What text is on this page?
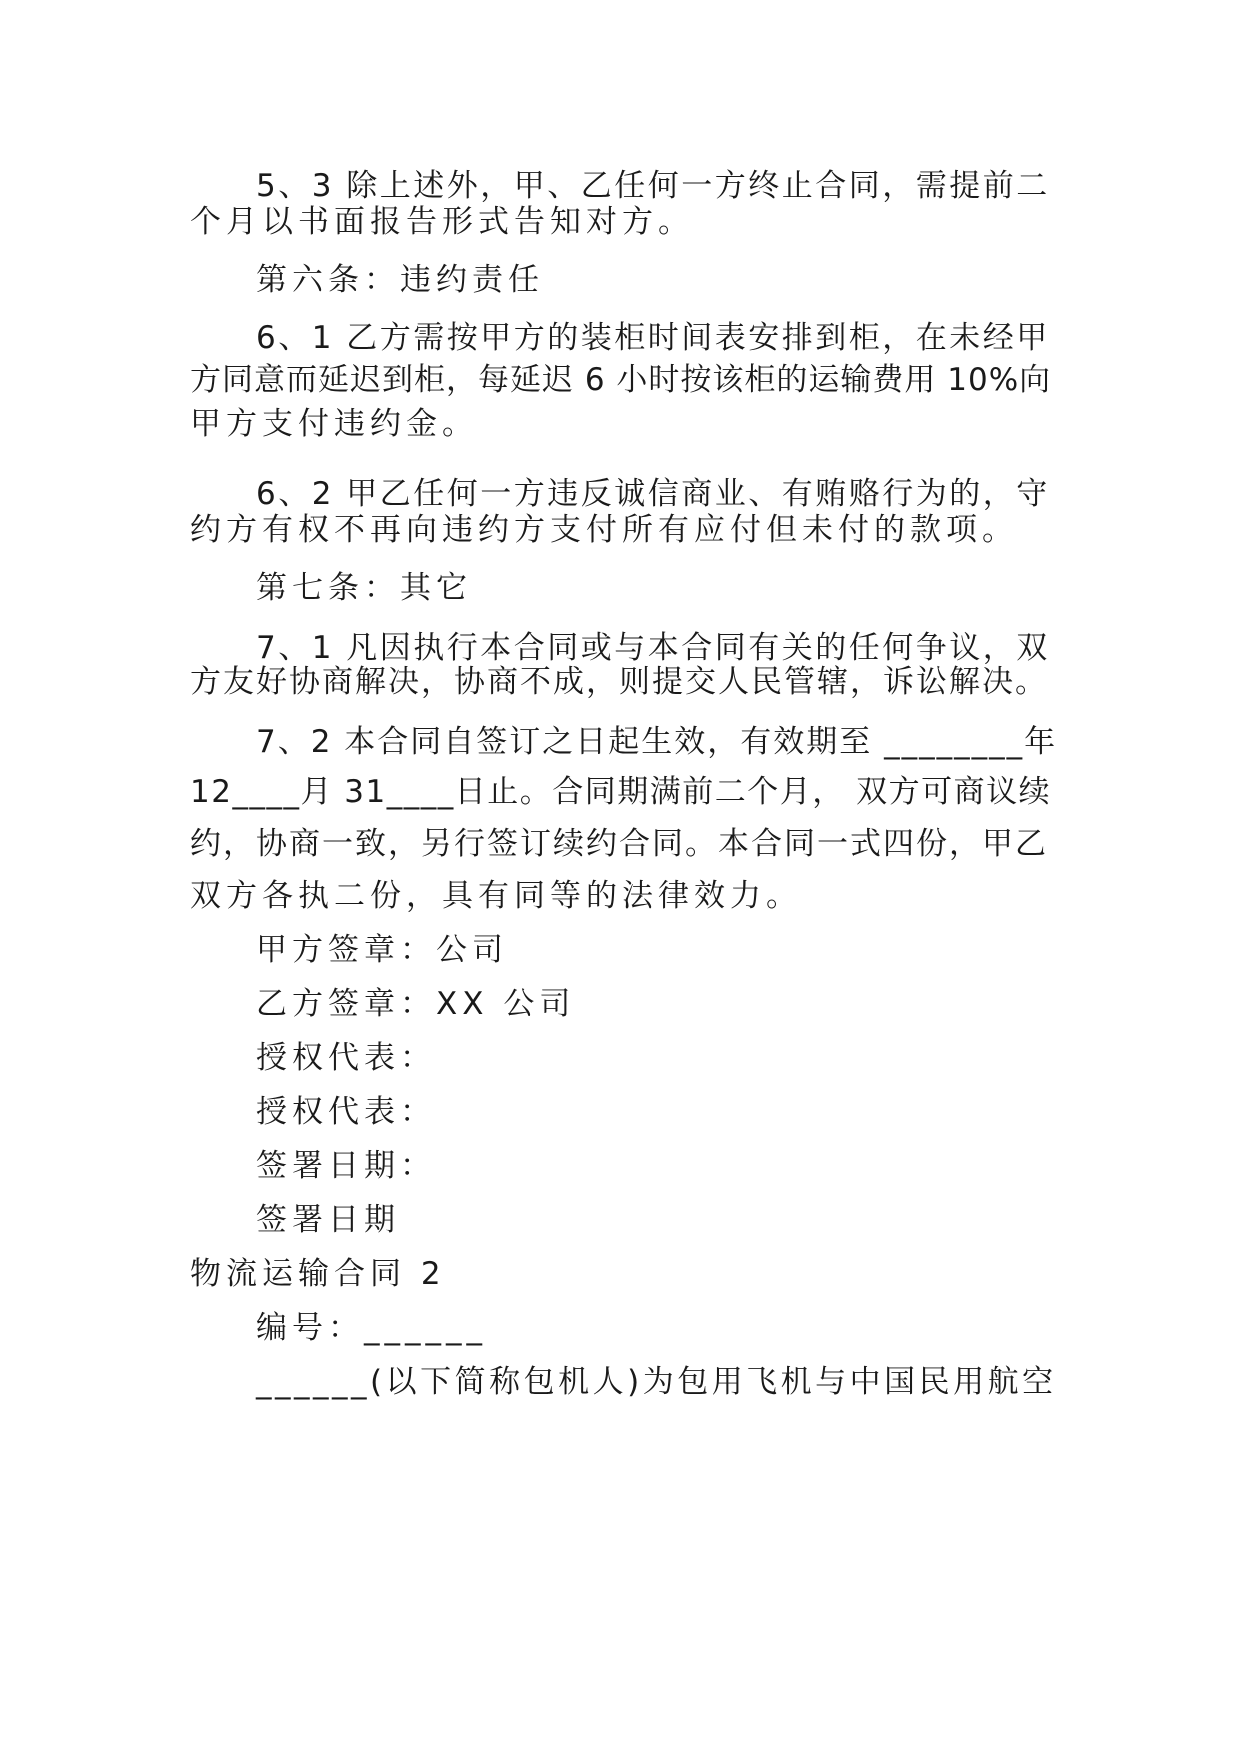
5、3 除上述外，甲、乙任何一方终止合同，需提前二
个月以书面报告形式告知对方。
第六条：违约责任
6、1 乙方需按甲方的装柜时间表安排到柜，在未经甲
方同意而延迟到柜，每延迟 6 小时按该柜的运输费用 10%向
甲方支付违约金。
6、2 甲乙任何一方违反诚信商业、有贿赂行为的，守
约方有权不再向违约方支付所有应付但未付的款项。
第七条：其它
7、1 凡因执行本合同或与本合同有关的任何争议，双
方友好协商解决，协商不成，则提交人民管辖，诉讼解决。
7、2 本合同自签订之日起生效，有效期至 ________年
12____月 31____日止。合同期满前二个月， 双方可商议续
约，协商一致，另行签订续约合同。本合同一式四份，甲乙
双方各执二份，具有同等的法律效力。
甲方签章：公司
乙方签章：XX 公司
授权代表：
授权代表：
签署日期：
签署日期
物流运输合同 2
编号：______
______(以下简称包机人)为包用飞机与中国民用航空
